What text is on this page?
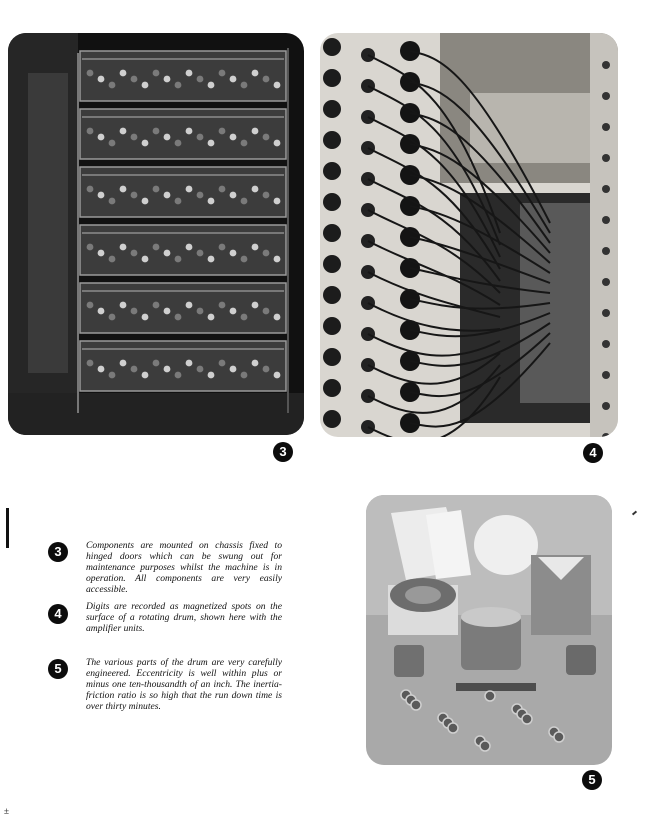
3	4
5
3	Components are mounted on chassis fixed to hinged doors which can be swung out for maintenance purposes whilst the machine is in operation. All components are very easily accessible.
4	Digits are recorded as magnetized spots on the surface of a rotating drum, shown here with the amplifier units.
5	The various parts of the drum are very carefully engineered. Eccentricity is well within plus or minus one ten-thousandth of an inch. The inertia-friction ratio is so high that the run down time is over thirty minutes.
±
